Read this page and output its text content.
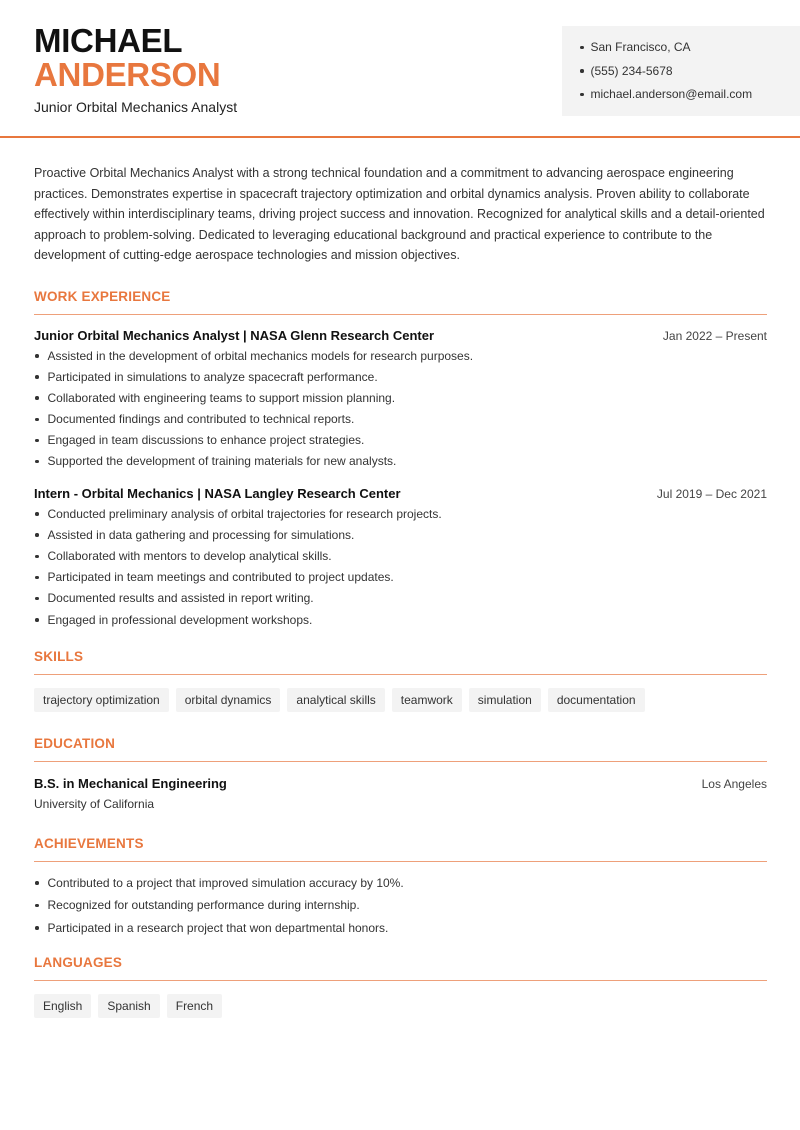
MICHAEL
ANDERSON
Junior Orbital Mechanics Analyst
San Francisco, CA
(555) 234-5678
michael.anderson@email.com

Proactive Orbital Mechanics Analyst with a strong technical foundation and a commitment to advancing aerospace engineering practices. Demonstrates expertise in spacecraft trajectory optimization and orbital dynamics analysis. Proven ability to collaborate effectively within interdisciplinary teams, driving project success and innovation. Recognized for analytical skills and a detail-oriented approach to problem-solving. Dedicated to leveraging educational background and practical experience to contribute to the development of cutting-edge aerospace technologies and mission objectives.

WORK EXPERIENCE
Junior Orbital Mechanics Analyst | NASA Glenn Research Center	Jan 2022 – Present
Assisted in the development of orbital mechanics models for research purposes.
Participated in simulations to analyze spacecraft performance.
Collaborated with engineering teams to support mission planning.
Documented findings and contributed to technical reports.
Engaged in team discussions to enhance project strategies.
Supported the development of training materials for new analysts.
Intern - Orbital Mechanics | NASA Langley Research Center	Jul 2019 – Dec 2021
Conducted preliminary analysis of orbital trajectories for research projects.
Assisted in data gathering and processing for simulations.
Collaborated with mentors to develop analytical skills.
Participated in team meetings and contributed to project updates.
Documented results and assisted in report writing.
Engaged in professional development workshops.
SKILLS
trajectory optimization	orbital dynamics	analytical skills	teamwork	simulation	documentation
EDUCATION
B.S. in Mechanical Engineering	Los Angeles
University of California
ACHIEVEMENTS
Contributed to a project that improved simulation accuracy by 10%.
Recognized for outstanding performance during internship.
Participated in a research project that won departmental honors.
LANGUAGES
English	Spanish	French
